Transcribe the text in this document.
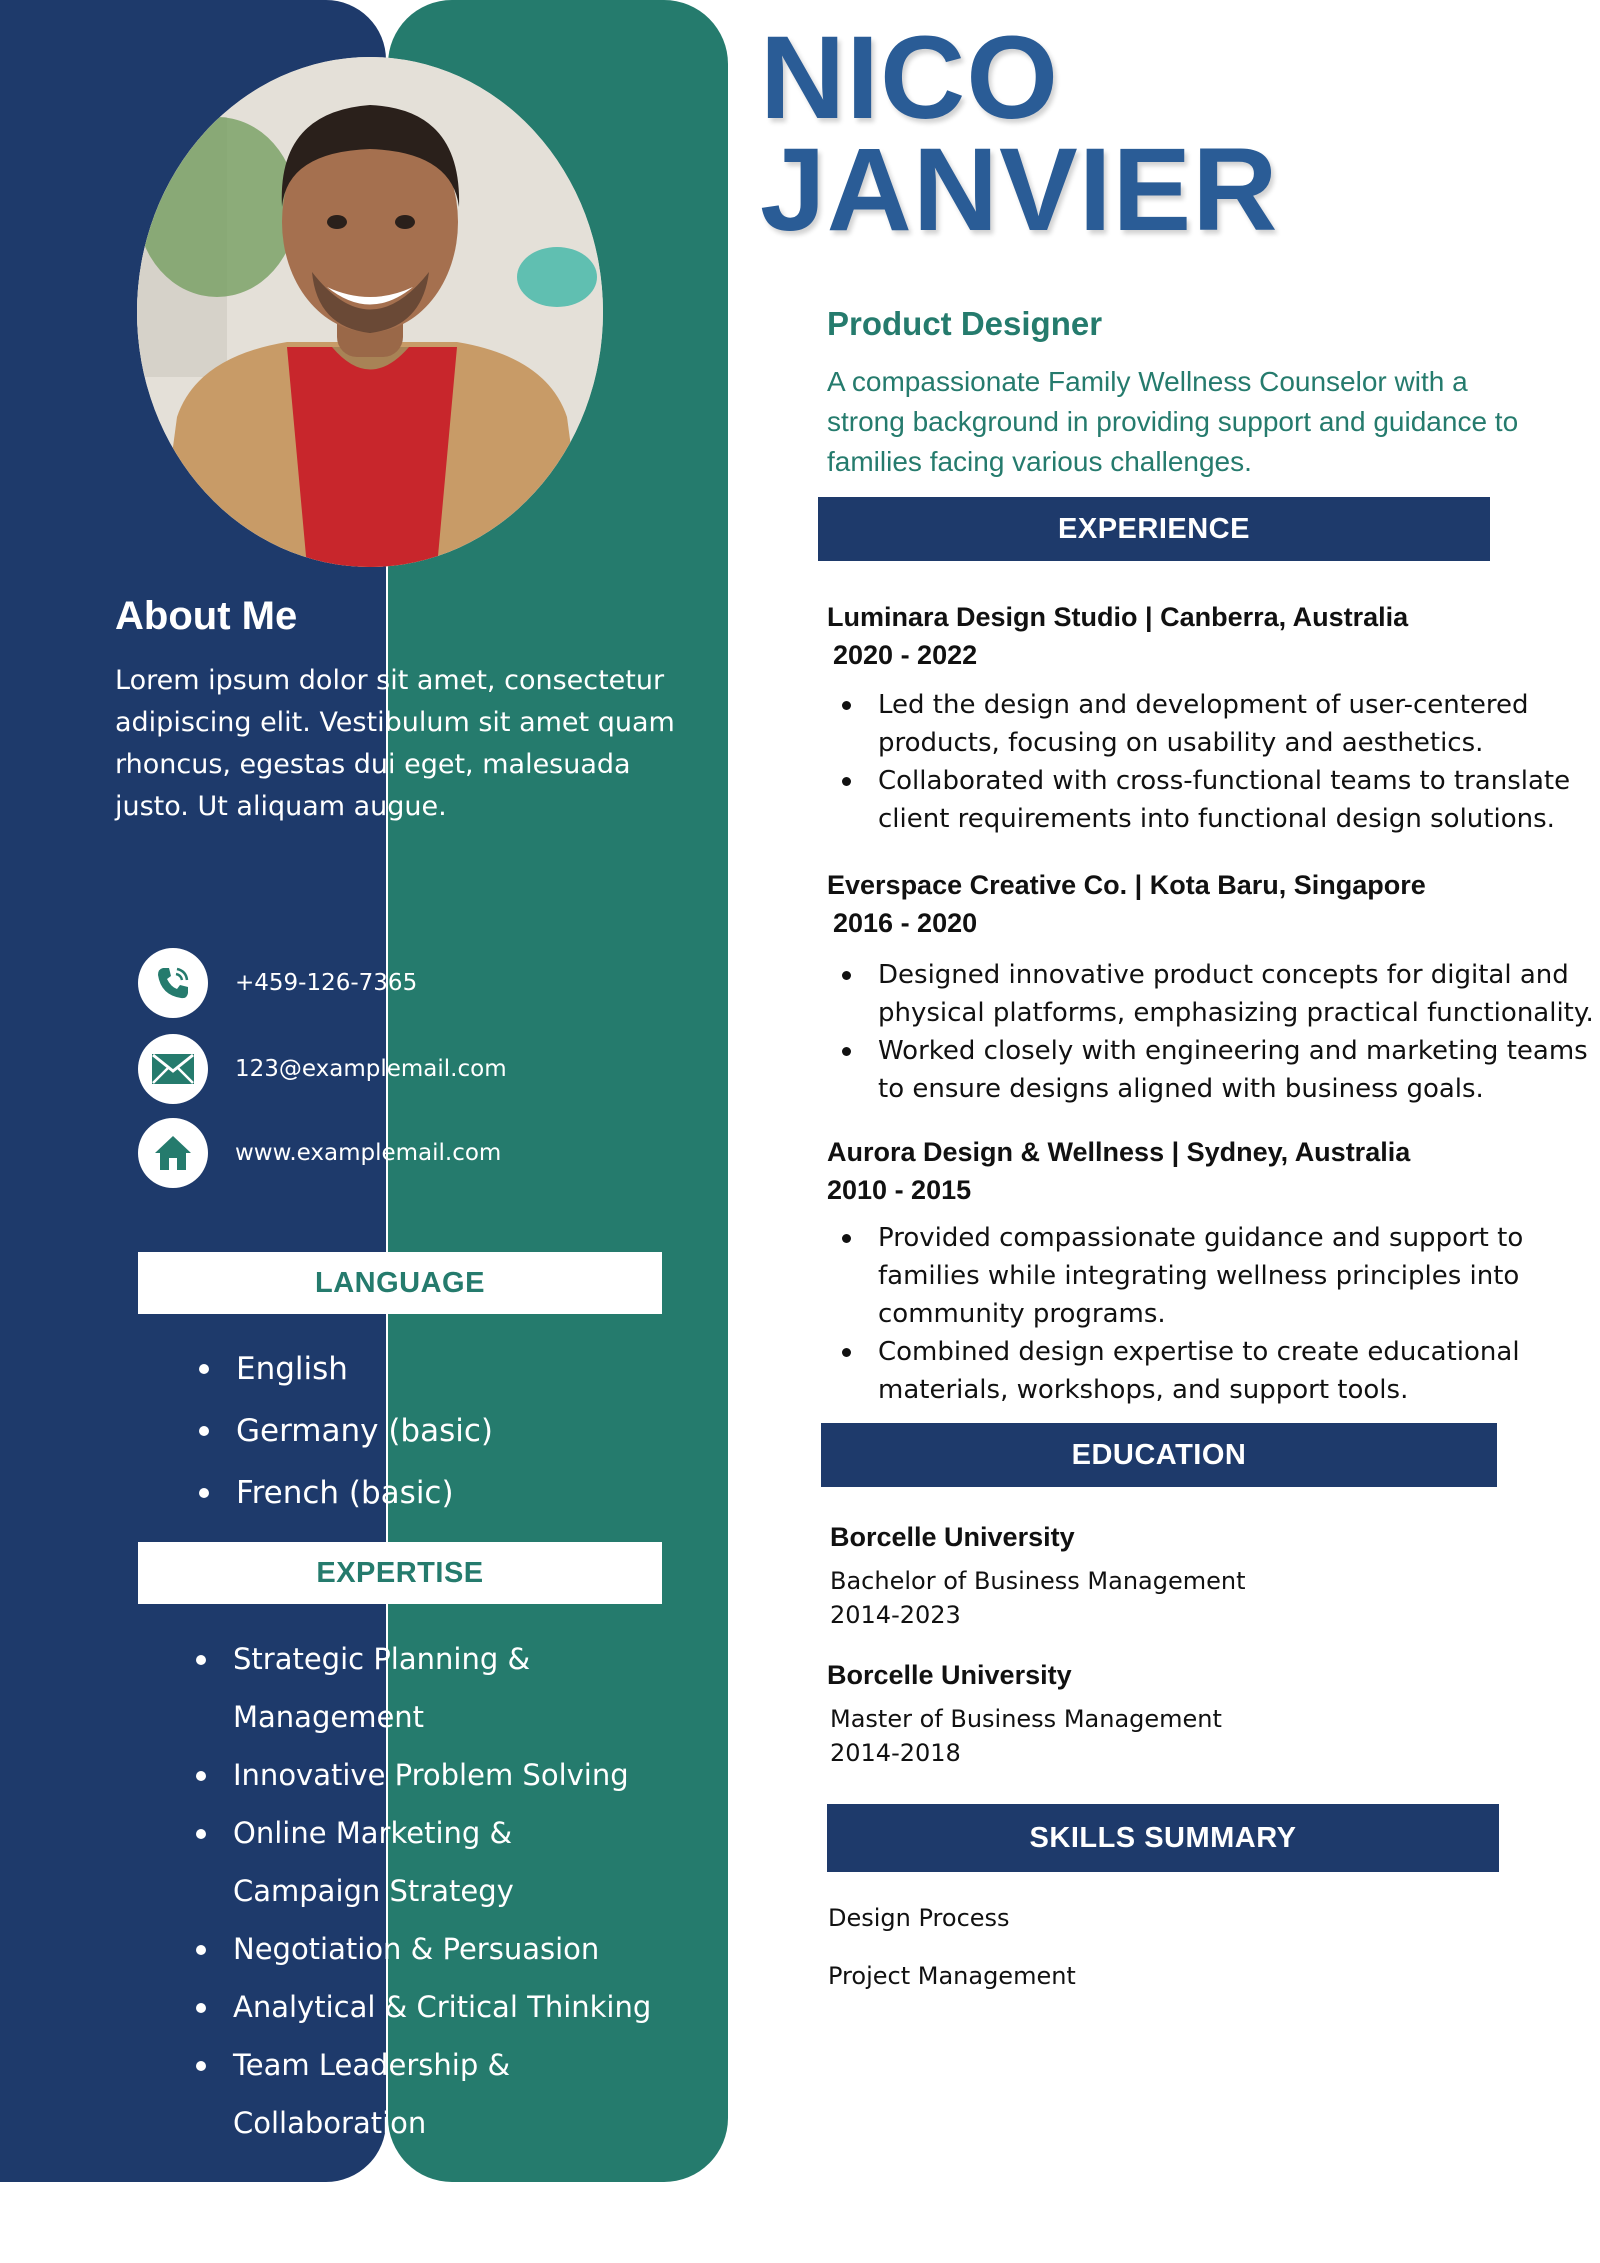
About Me
Lorem ipsum dolor sit amet, consectetur adipiscing elit. Vestibulum sit amet quam rhoncus, egestas dui eget, malesuada justo. Ut aliquam augue.
+459-126-7365
123@examplemail.com
www.examplemail.com
LANGUAGE
English
Germany (basic)
French (basic)
EXPERTISE
Strategic Planning & Management
Innovative Problem Solving
Online Marketing & Campaign Strategy
Negotiation & Persuasion
Analytical & Critical Thinking
Team Leadership & Collaboration
NICO
JANVIER
Product Designer
A compassionate Family Wellness Counselor with a strong background in providing support and guidance to families facing various challenges.
EXPERIENCE
Luminara Design Studio | Canberra, Australia
2020 - 2022
Led the design and development of user-centered products, focusing on usability and aesthetics.
Collaborated with cross-functional teams to translate client requirements into functional design solutions.
Everspace Creative Co. | Kota Baru, Singapore
2016 - 2020
Designed innovative product concepts for digital and physical platforms, emphasizing practical functionality.
Worked closely with engineering and marketing teams to ensure designs aligned with business goals.
Aurora Design & Wellness | Sydney, Australia
2010 - 2015
Provided compassionate guidance and support to families while integrating wellness principles into community programs.
Combined design expertise to create educational materials, workshops, and support tools.
EDUCATION
Borcelle University
Bachelor of Business Management
2014-2023
Borcelle University
Master of Business Management
2014-2018
SKILLS SUMMARY
Design Process
Project Management
